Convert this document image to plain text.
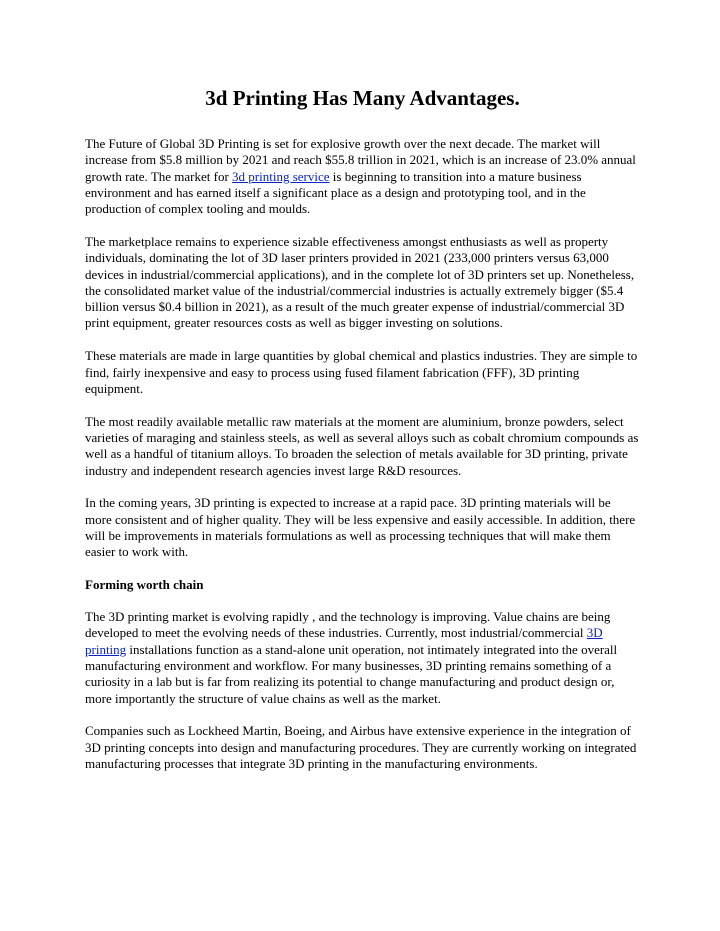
3d Printing Has Many Advantages.

The Future of Global 3D Printing is set for explosive growth over the next decade. The market will increase from $5.8 million by 2021 and reach $55.8 trillion in 2021, which is an increase of 23.0% annual growth rate. The market for 3d printing service is beginning to transition into a mature business environment and has earned itself a significant place as a design and prototyping tool, and in the production of complex tooling and moulds.

The marketplace remains to experience sizable effectiveness amongst enthusiasts as well as property individuals, dominating the lot of 3D laser printers provided in 2021 (233,000 printers versus 63,000 devices in industrial/commercial applications), and in the complete lot of 3D printers set up. Nonetheless, the consolidated market value of the industrial/commercial industries is actually extremely bigger ($5.4 billion versus $0.4 billion in 2021), as a result of the much greater expense of industrial/commercial 3D print equipment, greater resources costs as well as bigger investing on solutions.

These materials are made in large quantities by global chemical and plastics industries. They are simple to find, fairly inexpensive and easy to process using fused filament fabrication (FFF), 3D printing equipment.

The most readily available metallic raw materials at the moment are aluminium, bronze powders, select varieties of maraging and stainless steels, as well as several alloys such as cobalt chromium compounds as well as a handful of titanium alloys. To broaden the selection of metals available for 3D printing, private industry and independent research agencies invest large R&D resources.

In the coming years, 3D printing is expected to increase at a rapid pace. 3D printing materials will be more consistent and of higher quality. They will be less expensive and easily accessible. In addition, there will be improvements in materials formulations as well as processing techniques that will make them easier to work with.

Forming worth chain

The 3D printing market is evolving rapidly , and the technology is improving. Value chains are being developed to meet the evolving needs of these industries. Currently, most industrial/commercial 3D printing installations function as a stand-alone unit operation, not intimately integrated into the overall manufacturing environment and workflow. For many businesses, 3D printing remains something of a curiosity in a lab but is far from realizing its potential to change manufacturing and product design or, more importantly the structure of value chains as well as the market.

Companies such as Lockheed Martin, Boeing, and Airbus have extensive experience in the integration of 3D printing concepts into design and manufacturing procedures. They are currently working on integrated manufacturing processes that integrate 3D printing in the manufacturing environments.
